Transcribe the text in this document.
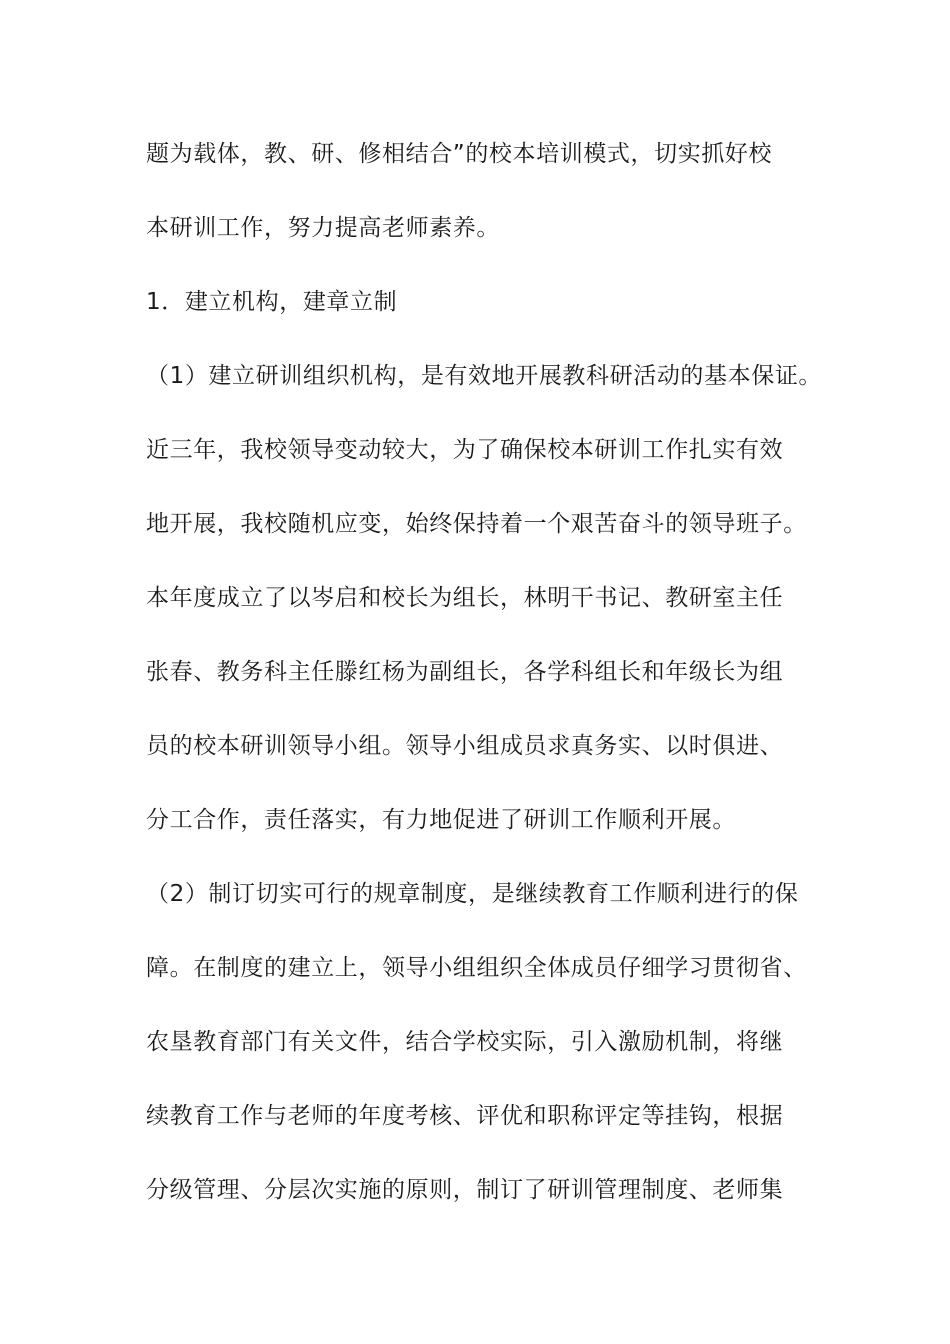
题为载体，教、研、修相结合”的校本培训模式，切实抓好校
本研训工作，努力提高老师素养。
1．建立机构，建章立制
（1）建立研训组织机构，是有效地开展教科研活动的基本保证。
近三年，我校领导变动较大，为了确保校本研训工作扎实有效
地开展，我校随机应变，始终保持着一个艰苦奋斗的领导班子。
本年度成立了以岑启和校长为组长，林明干书记、教研室主任
张春、教务科主任滕红杨为副组长，各学科组长和年级长为组
员的校本研训领导小组。领导小组成员求真务实、以时俱进、
分工合作，责任落实，有力地促进了研训工作顺利开展。
（2）制订切实可行的规章制度，是继续教育工作顺利进行的保
障。在制度的建立上，领导小组组织全体成员仔细学习贯彻省、
农垦教育部门有关文件，结合学校实际，引入激励机制，将继
续教育工作与老师的年度考核、评优和职称评定等挂钩，根据
分级管理、分层次实施的原则，制订了研训管理制度、老师集
